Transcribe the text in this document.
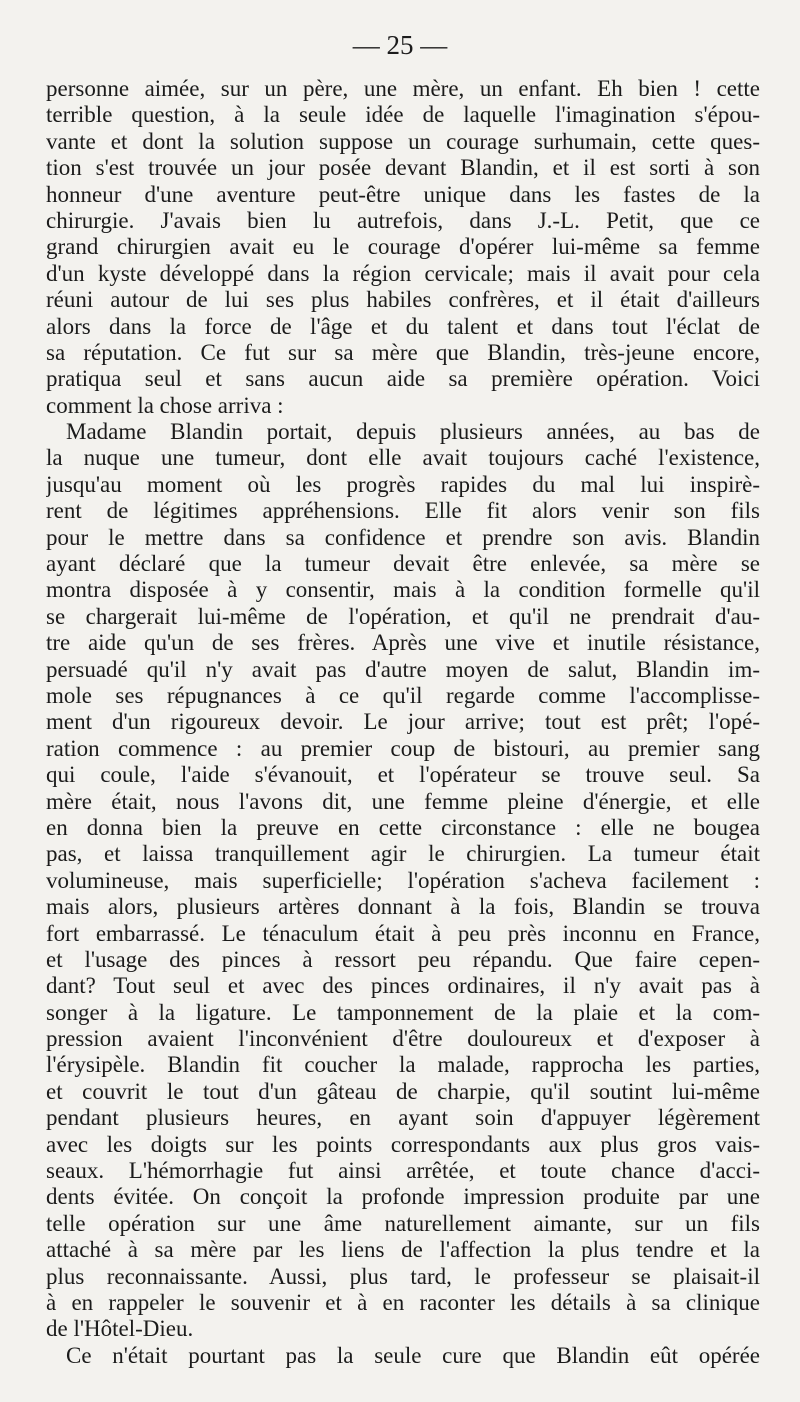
— 25 —
personne aimée, sur un père, une mère, un enfant. Eh bien ! cette
terrible question, à la seule idée de laquelle l'imagination s'épou-
vante et dont la solution suppose un courage surhumain, cette ques-
tion s'est trouvée un jour posée devant Blandin, et il est sorti à son
honneur d'une aventure peut-être unique dans les fastes de la
chirurgie. J'avais bien lu autrefois, dans J.-L. Petit, que ce
grand chirurgien avait eu le courage d'opérer lui-même sa femme
d'un kyste développé dans la région cervicale; mais il avait pour cela
réuni autour de lui ses plus habiles confrères, et il était d'ailleurs
alors dans la force de l'âge et du talent et dans tout l'éclat de
sa réputation. Ce fut sur sa mère que Blandin, très-jeune encore,
pratiqua seul et sans aucun aide sa première opération. Voici
comment la chose arriva :
Madame Blandin portait, depuis plusieurs années, au bas de
la nuque une tumeur, dont elle avait toujours caché l'existence,
jusqu'au moment où les progrès rapides du mal lui inspirè-
rent de légitimes appréhensions. Elle fit alors venir son fils
pour le mettre dans sa confidence et prendre son avis. Blandin
ayant déclaré que la tumeur devait être enlevée, sa mère se
montra disposée à y consentir, mais à la condition formelle qu'il
se chargerait lui-même de l'opération, et qu'il ne prendrait d'au-
tre aide qu'un de ses frères. Après une vive et inutile résistance,
persuadé qu'il n'y avait pas d'autre moyen de salut, Blandin im-
mole ses répugnances à ce qu'il regarde comme l'accomplisse-
ment d'un rigoureux devoir. Le jour arrive; tout est prêt; l'opé-
ration commence : au premier coup de bistouri, au premier sang
qui coule, l'aide s'évanouit, et l'opérateur se trouve seul. Sa
mère était, nous l'avons dit, une femme pleine d'énergie, et elle
en donna bien la preuve en cette circonstance : elle ne bougea
pas, et laissa tranquillement agir le chirurgien. La tumeur était
volumineuse, mais superficielle; l'opération s'acheva facilement :
mais alors, plusieurs artères donnant à la fois, Blandin se trouva
fort embarrassé. Le ténaculum était à peu près inconnu en France,
et l'usage des pinces à ressort peu répandu. Que faire cepen-
dant? Tout seul et avec des pinces ordinaires, il n'y avait pas à
songer à la ligature. Le tamponnement de la plaie et la com-
pression avaient l'inconvénient d'être douloureux et d'exposer à
l'érysipèle. Blandin fit coucher la malade, rapprocha les parties,
et couvrit le tout d'un gâteau de charpie, qu'il soutint lui-même
pendant plusieurs heures, en ayant soin d'appuyer légèrement
avec les doigts sur les points correspondants aux plus gros vais-
seaux. L'hémorrhagie fut ainsi arrêtée, et toute chance d'acci-
dents évitée. On conçoit la profonde impression produite par une
telle opération sur une âme naturellement aimante, sur un fils
attaché à sa mère par les liens de l'affection la plus tendre et la
plus reconnaissante. Aussi, plus tard, le professeur se plaisait-il
à en rappeler le souvenir et à en raconter les détails à sa clinique
de l'Hôtel-Dieu.
Ce n'était pourtant pas la seule cure que Blandin eût opérée
